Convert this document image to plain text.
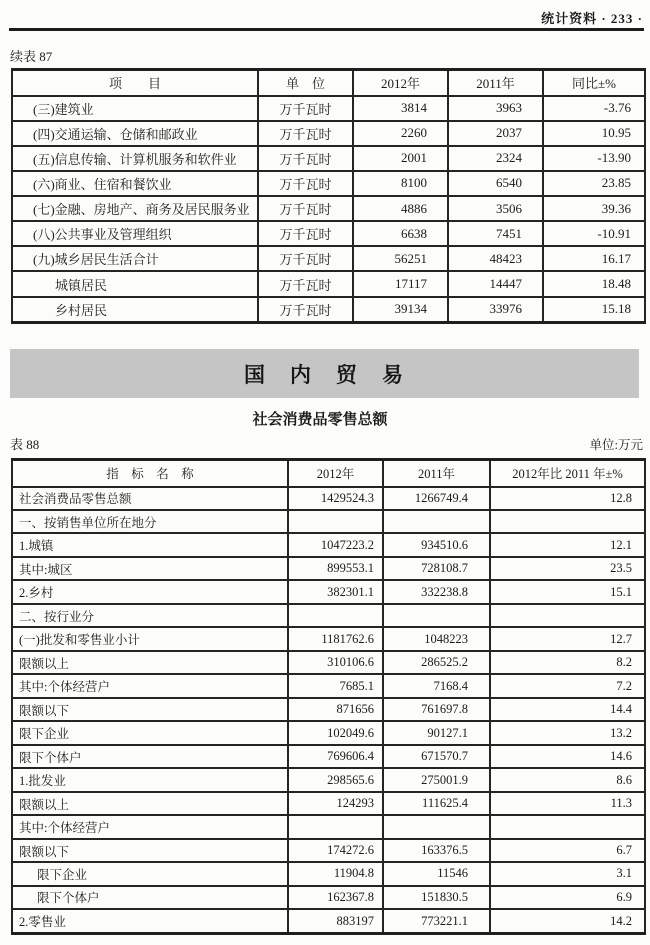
统计资料 · 233 ·
续表 87
项　　目	单　位	2012年	2011年	同比±%
(三)建筑业	万千瓦时	3814	3963	-3.76
(四)交通运输、仓储和邮政业	万千瓦时	2260	2037	10.95
(五)信息传输、计算机服务和软件业	万千瓦时	2001	2324	-13.90
(六)商业、住宿和餐饮业	万千瓦时	8100	6540	23.85
(七)金融、房地产、商务及居民服务业	万千瓦时	4886	3506	39.36
(八)公共事业及管理组织	万千瓦时	6638	7451	-10.91
(九)城乡居民生活合计	万千瓦时	56251	48423	16.17
城镇居民	万千瓦时	17117	14447	18.48
乡村居民	万千瓦时	39134	33976	15.18
国　内　贸　易
社会消费品零售总额
表 88	单位:万元
指　标　名　称	2012年	2011年	2012年比 2011 年±%
社会消费品零售总额	1429524.3	1266749.4	12.8
一、按销售单位所在地分			
1.城镇	1047223.2	934510.6	12.1
其中:城区	899553.1	728108.7	23.5
2.乡村	382301.1	332238.8	15.1
二、按行业分			
(一)批发和零售业小计	1181762.6	1048223	12.7
限额以上	310106.6	286525.2	8.2
其中:个体经营户	7685.1	7168.4	7.2
限额以下	871656	761697.8	14.4
限下企业	102049.6	90127.1	13.2
限下个体户	769606.4	671570.7	14.6
1.批发业	298565.6	275001.9	8.6
限额以上	124293	111625.4	11.3
其中:个体经营户			
限额以下	174272.6	163376.5	6.7
限下企业	11904.8	11546	3.1
限下个体户	162367.8	151830.5	6.9
2.零售业	883197	773221.1	14.2
